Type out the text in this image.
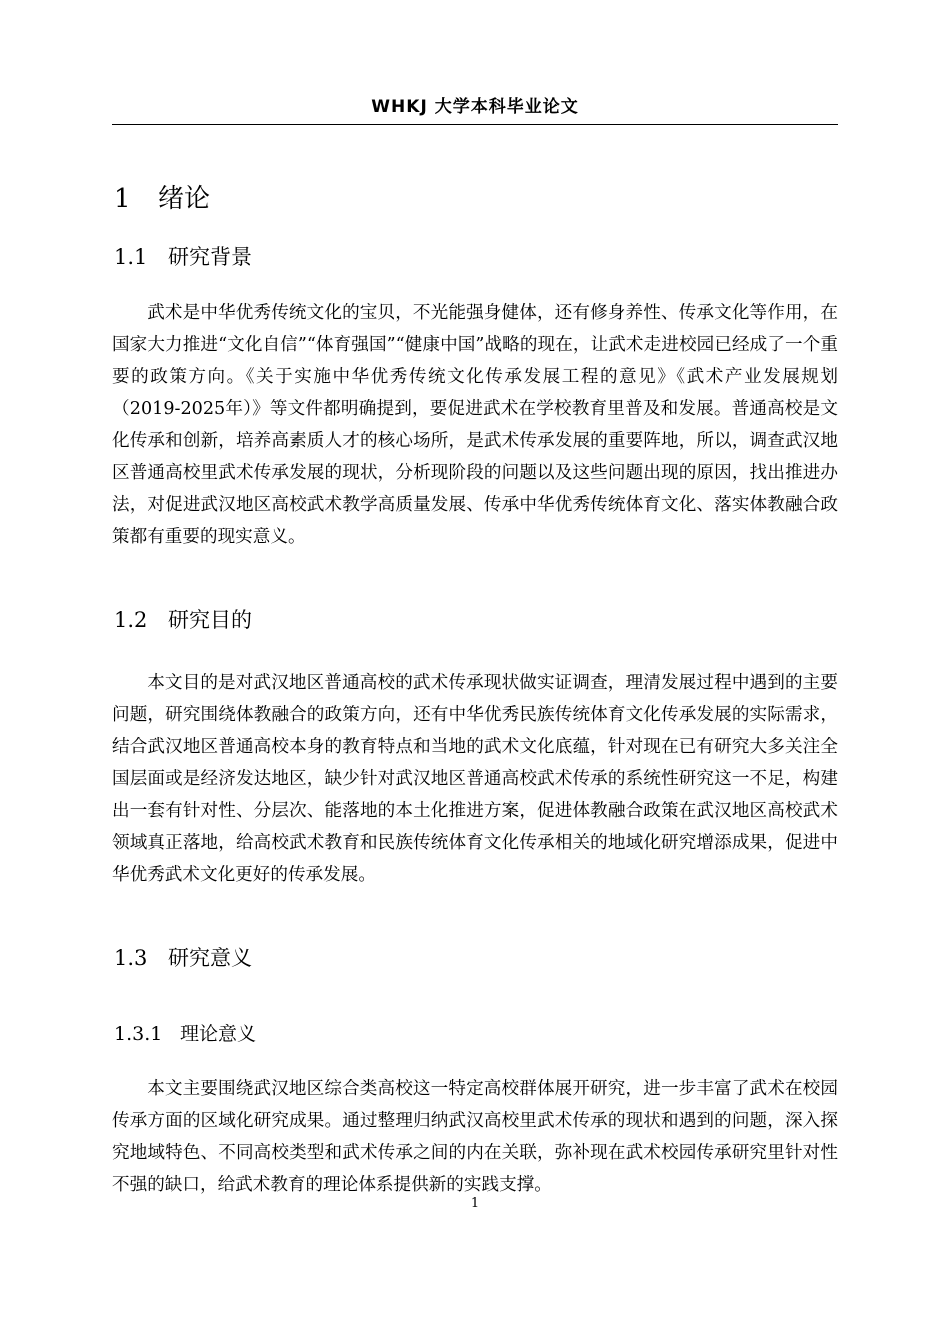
WHKJ 大学本科毕业论文
1 绪论
1.1 研究背景

武术是中华优秀传统文化的宝贝，不光能强身健体，还有修身养性、传承文化等作用，在国家大力推进“文化自信”“体育强国”“健康中国”战略的现在，让武术走进校园已经成了一个重要的政策方向。《关于实施中华优秀传统文化传承发展工程的意见》《武术产业发展规划（2019-2025年）》等文件都明确提到，要促进武术在学校教育里普及和发展。普通高校是文化传承和创新，培养高素质人才的核心场所，是武术传承发展的重要阵地，所以，调查武汉地区普通高校里武术传承发展的现状，分析现阶段的问题以及这些问题出现的原因，找出推进办法，对促进武汉地区高校武术教学高质量发展、传承中华优秀传统体育文化、落实体教融合政策都有重要的现实意义。

1.2 研究目的

本文目的是对武汉地区普通高校的武术传承现状做实证调查，理清发展过程中遇到的主要问题，研究围绕体教融合的政策方向，还有中华优秀民族传统体育文化传承发展的实际需求，结合武汉地区普通高校本身的教育特点和当地的武术文化底蕴，针对现在已有研究大多关注全国层面或是经济发达地区，缺少针对武汉地区普通高校武术传承的系统性研究这一不足，构建出一套有针对性、分层次、能落地的本土化推进方案，促进体教融合政策在武汉地区高校武术领域真正落地，给高校武术教育和民族传统体育文化传承相关的地域化研究增添成果，促进中华优秀武术文化更好的传承发展。

1.3 研究意义
1.3.1 理论意义

本文主要围绕武汉地区综合类高校这一特定高校群体展开研究，进一步丰富了武术在校园传承方面的区域化研究成果。通过整理归纳武汉高校里武术传承的现状和遇到的问题，深入探究地域特色、不同高校类型和武术传承之间的内在关联，弥补现在武术校园传承研究里针对性不强的缺口，给武术教育的理论体系提供新的实践支撑。

1
